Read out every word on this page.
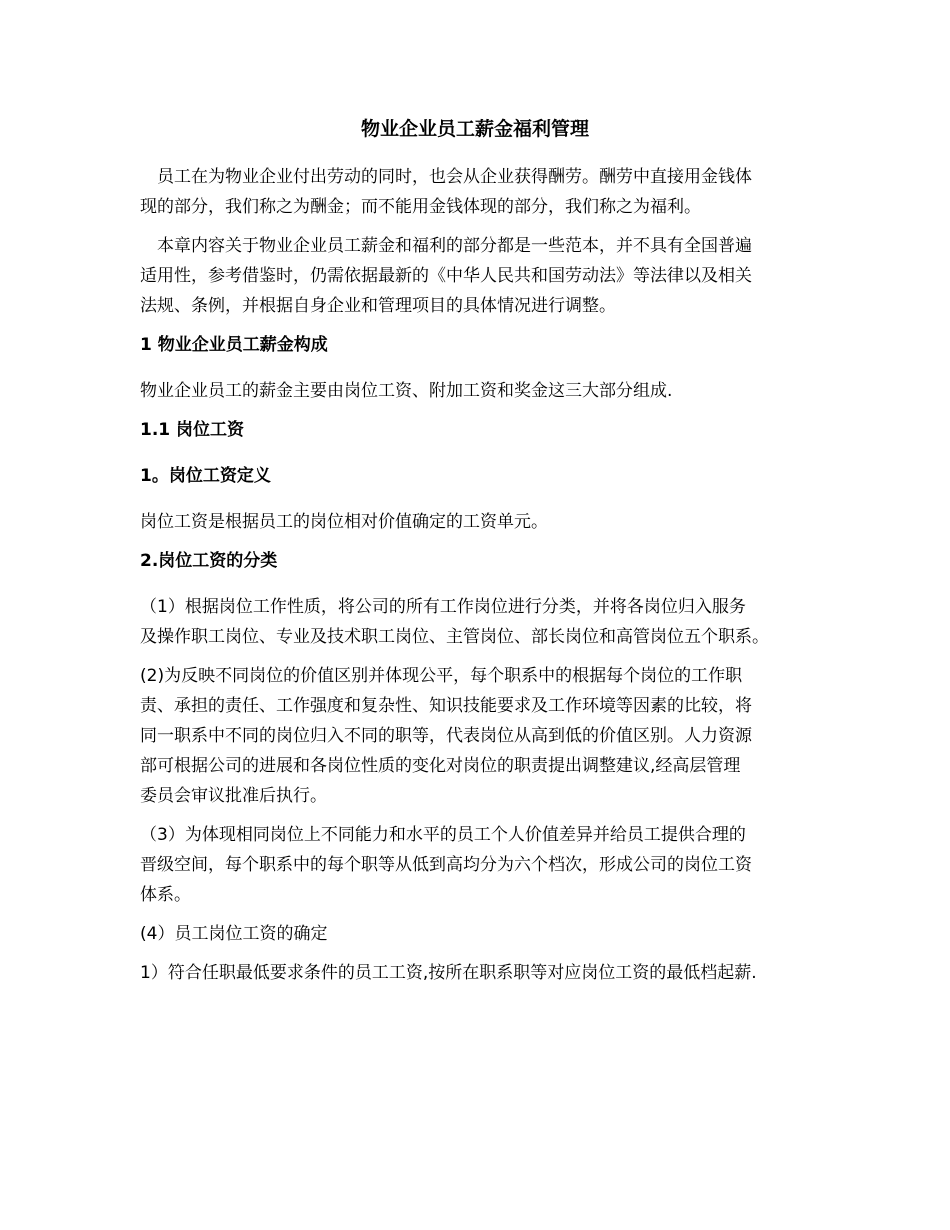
物业企业员工薪金福利管理
　员工在为物业企业付出劳动的同时，也会从企业获得酬劳。酬劳中直接用金钱体
现的部分，我们称之为酬金；而不能用金钱体现的部分，我们称之为福利。
　本章内容关于物业企业员工薪金和福利的部分都是一些范本，并不具有全国普遍
适用性，参考借鉴时，仍需依据最新的《中华人民共和国劳动法》等法律以及相关
法规、条例，并根据自身企业和管理项目的具体情况进行调整。
1 物业企业员工薪金构成
物业企业员工的薪金主要由岗位工资、附加工资和奖金这三大部分组成.
1.1 岗位工资
1。岗位工资定义
岗位工资是根据员工的岗位相对价值确定的工资单元。
2.岗位工资的分类
（1）根据岗位工作性质，将公司的所有工作岗位进行分类，并将各岗位归入服务
及操作职工岗位、专业及技术职工岗位、主管岗位、部长岗位和高管岗位五个职系。
(2)为反映不同岗位的价值区别并体现公平，每个职系中的根据每个岗位的工作职
责、承担的责任、工作强度和复杂性、知识技能要求及工作环境等因素的比较，将
同一职系中不同的岗位归入不同的职等，代表岗位从高到低的价值区别。人力资源
部可根据公司的进展和各岗位性质的变化对岗位的职责提出调整建议,经高层管理
委员会审议批准后执行。
（3）为体现相同岗位上不同能力和水平的员工个人价值差异并给员工提供合理的
晋级空间，每个职系中的每个职等从低到高均分为六个档次，形成公司的岗位工资
体系。
(4）员工岗位工资的确定
1）符合任职最低要求条件的员工工资,按所在职系职等对应岗位工资的最低档起薪.
